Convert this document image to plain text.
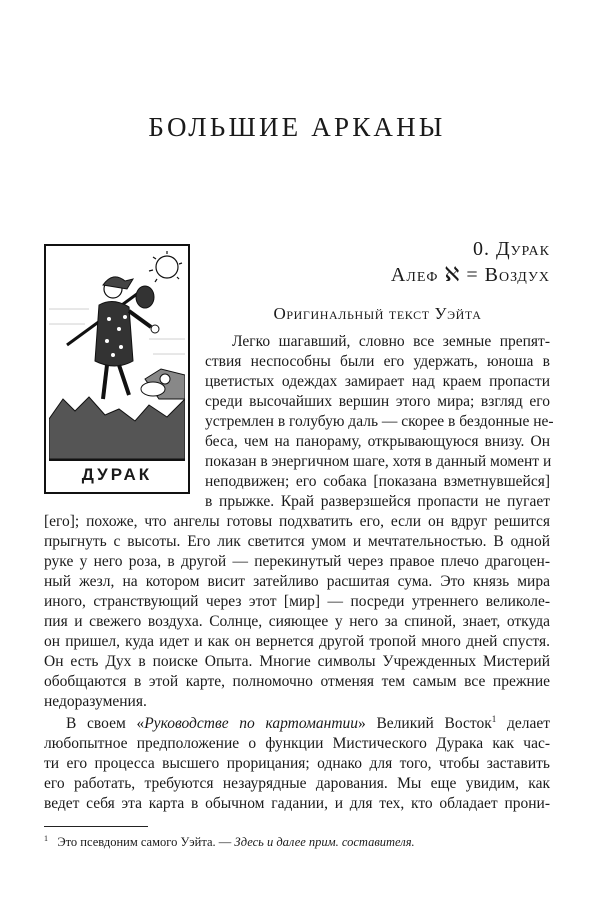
БОЛЬШИЕ АРКАНЫ
ДУРАК
0. Дурак
Алеф ℵ = Воздух
Оригинальный текст Уэйта
Легко шагавший, словно все земные препят-
ствия неспособны были его удержать, юноша в
цветистых одеждах замирает над краем пропасти
среди высочайших вершин этого мира; взгляд его
устремлен в голубую даль — скорее в бездонные не-
беса, чем на панораму, открывающуюся внизу. Он
показан в энергичном шаге, хотя в данный момент и
неподвижен; его собака [показана взметнувшейся]
в прыжке. Край разверзшейся пропасти не пугает
[его]; похоже, что ангелы готовы подхватить его, если он вдруг решится
прыгнуть с высоты. Его лик светится умом и мечтательностью. В одной
руке у него роза, в другой — перекинутый через правое плечо драгоцен-
ный жезл, на котором висит затейливо расшитая сума. Это князь мира
иного, странствующий через этот [мир] — посреди утреннего великоле-
пия и свежего воздуха. Солнце, сияющее у него за спиной, знает, откуда
он пришел, куда идет и как он вернется другой тропой много дней спустя.
Он есть Дух в поиске Опыта. Многие символы Учрежденных Мистерий
обобщаются в этой карте, полномочно отменяя тем самым все прежние
недоразумения.
В своем «Руководстве по картомантии» Великий Восток$^1$ делает
любопытное предположение о функции Мистического Дурака как час-
ти его процесса высшего прорицания; однако для того, чтобы заставить
его работать, требуются незаурядные дарования. Мы еще увидим, как
ведет себя эта карта в обычном гадании, и для тех, кто обладает прони-
$^1$ Это псевдоним самого Уэйта. — Здесь и далее прим. составителя.
